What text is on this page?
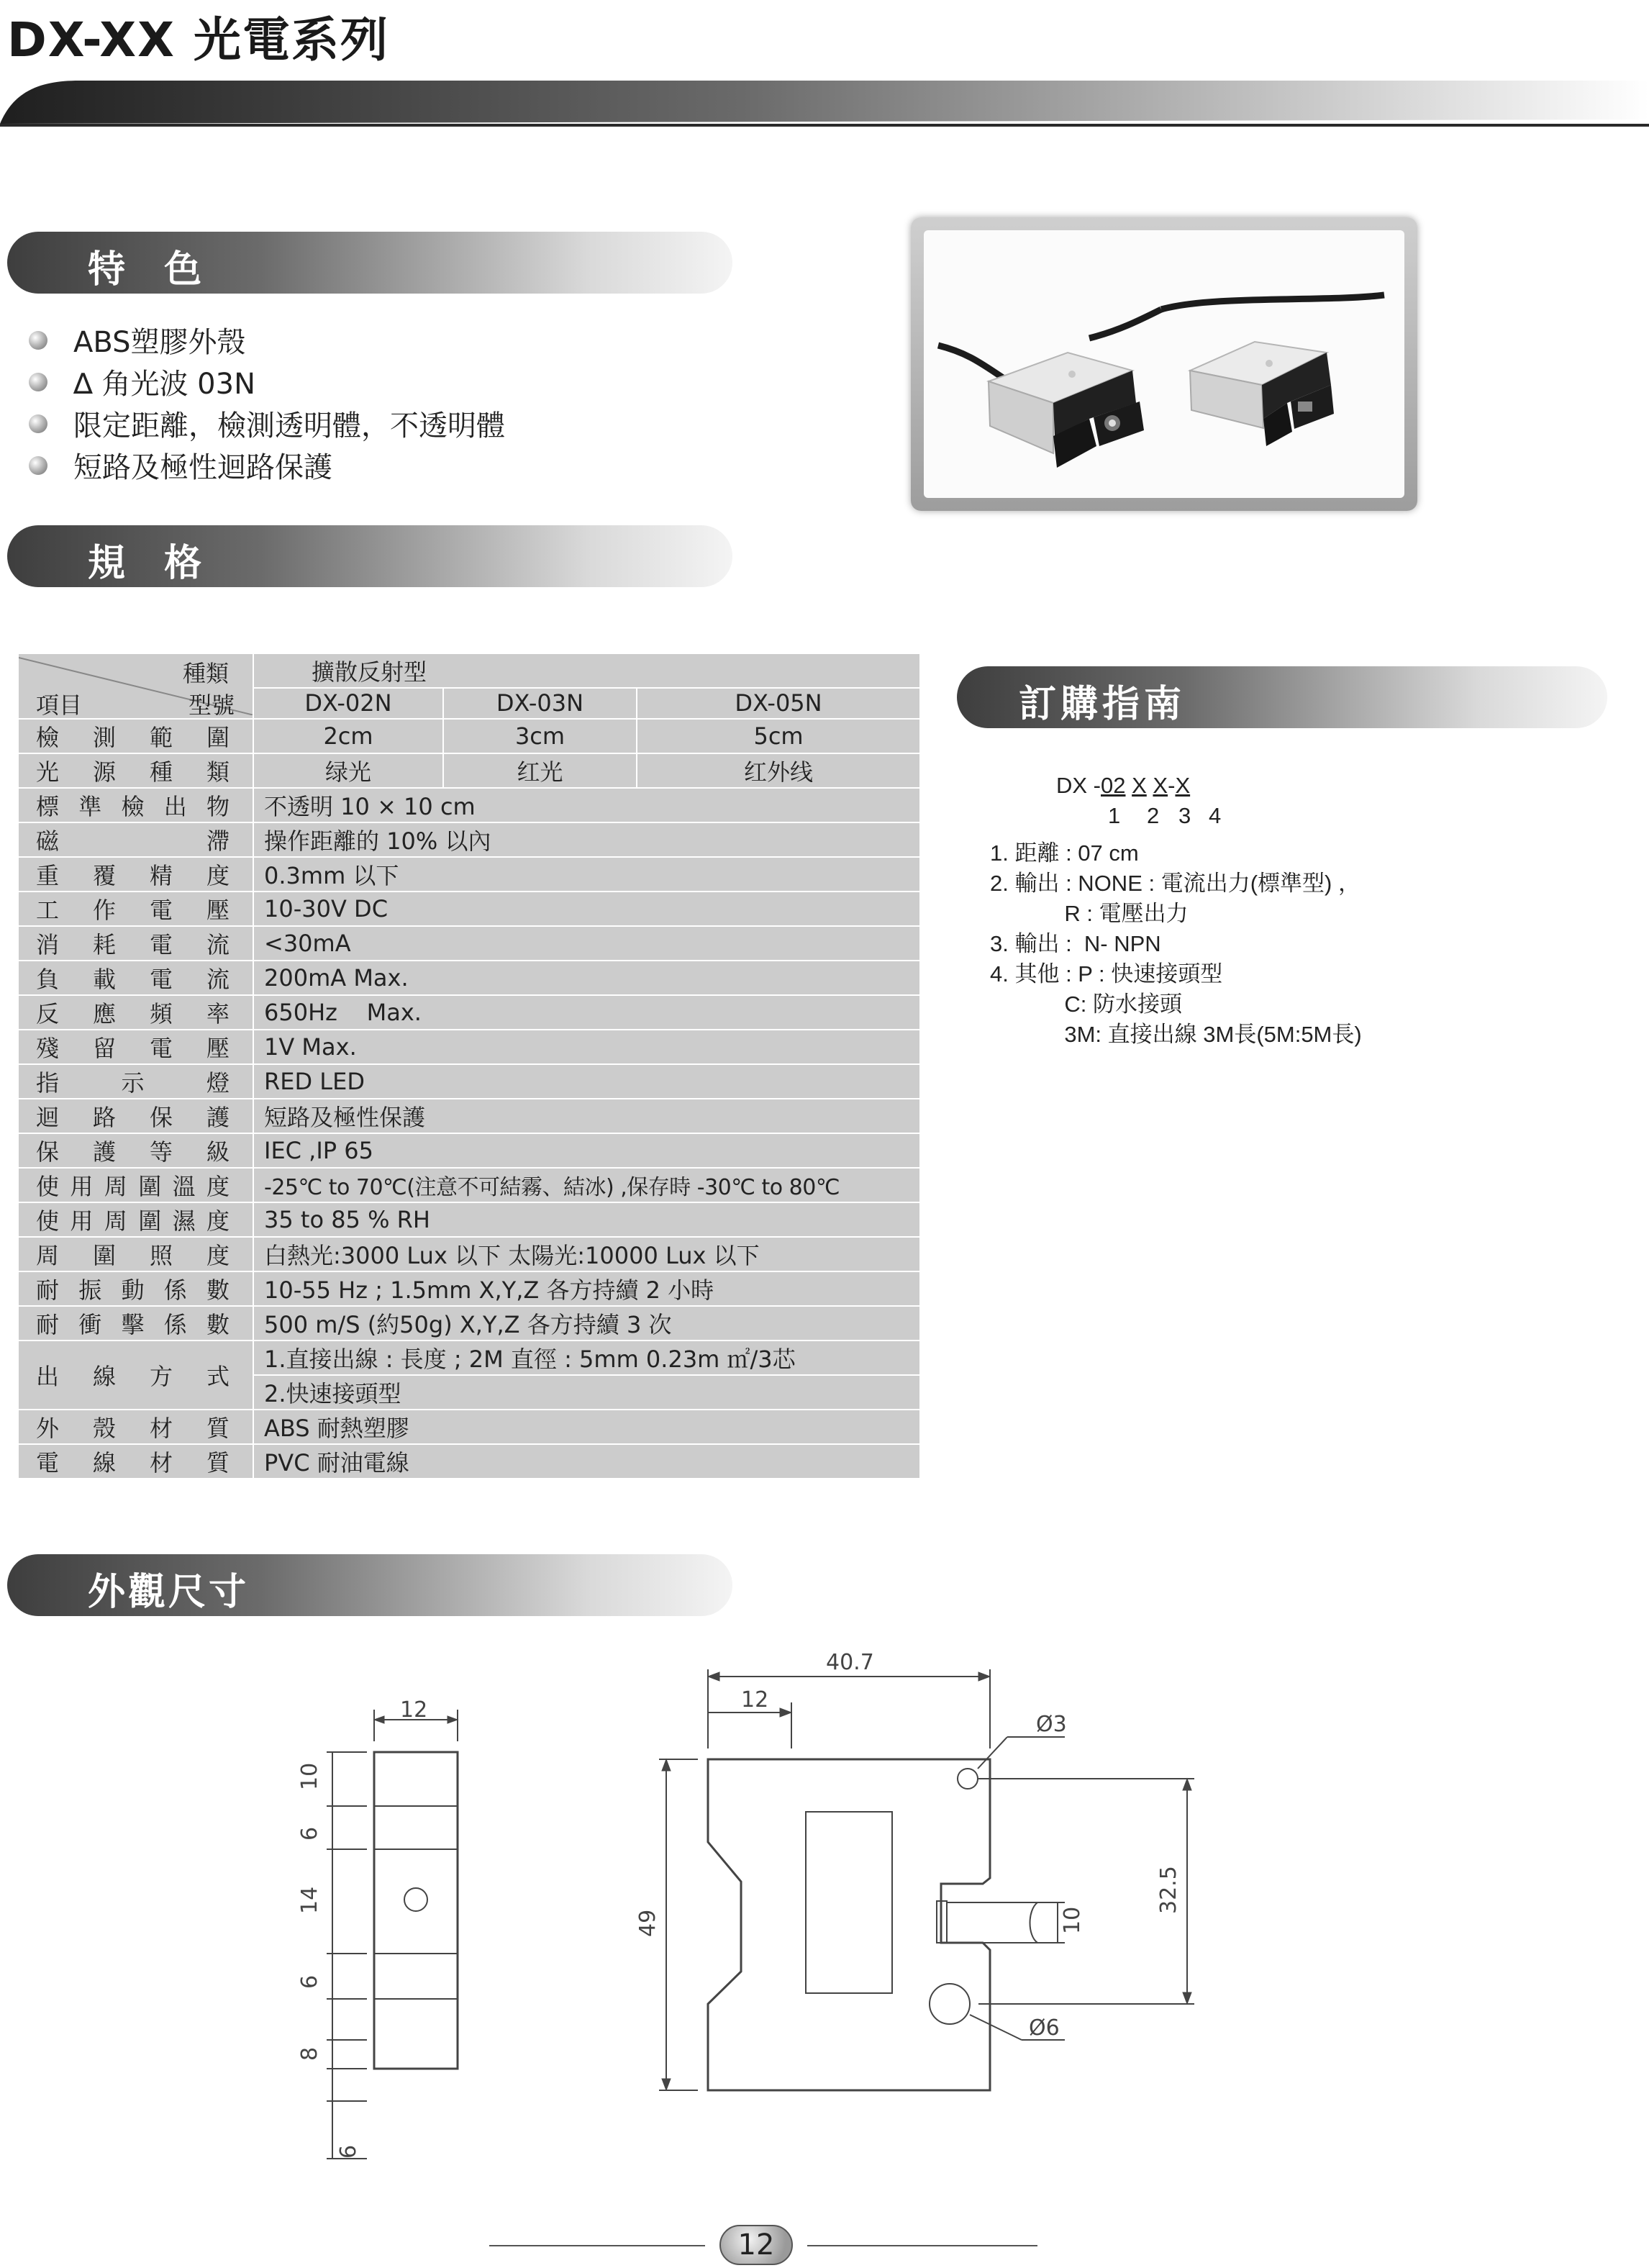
DX-XX 光電系列
特 色
ABS塑膠外殼
∆ 角光波 03N
限定距離，檢測透明體，不透明體
短路及極性迴路保護
規 格
種類
項目 型號	擴散反射型		
	DX-02N	DX-03N	DX-05N
檢 測 範 圍	2cm	3cm	5cm
光 源 種 類	绿光	红光	红外线
標 準 檢 出 物	不透明 10 × 10 cm		
磁 滯	操作距離的 10% 以內		
重 覆 精 度	0.3mm 以下		
工 作 電 壓	10-30V DC		
消 耗 電 流	<30mA		
負 載 電 流	200mA Max.		
反 應 頻 率	650Hz    Max.		
殘 留 電 壓	1V Max.		
指 示 燈	RED LED		
迴 路 保 護	短路及極性保護		
保 護 等 級	IEC ,IP 65		
使用周圍溫度	-25℃ to 70℃(注意不可結霧、結冰) ,保存時 -30℃ to 80℃		
使用周圍濕度	35 to 85 % RH		
周 圍 照 度	白熱光:3000 Lux 以下 太陽光:10000 Lux 以下		
耐 振 動 係 數	10-55 Hz ; 1.5mm X,Y,Z 各方持續 2 小時		
耐 衝 擊 係 數	500 m/S (約50g) X,Y,Z 各方持續 3 次		
出 線 方 式	1.直接出線 : 長度 ; 2M 直徑 : 5mm 0.23m ㎡/3芯		
	2.快速接頭型		
外 殼 材 質	ABS 耐熱塑膠		
電 線 材 質	PVC 耐油電線		
訂購指南
DX -02 X X-X
1 2 3 4
1. 距離 : 07 cm
2. 輸出 : NONE : 電流出力(標準型) ，
R : 電壓出力
3. 輸出 :  N- NPN
4. 其他 : P : 快速接頭型
C: 防水接頭
3M: 直接出線 3M長(5M:5M長)
外觀尺寸
12
10
6
14
6
8
6
40.7
12
Ø3
Ø6
49	10
32.5
12
